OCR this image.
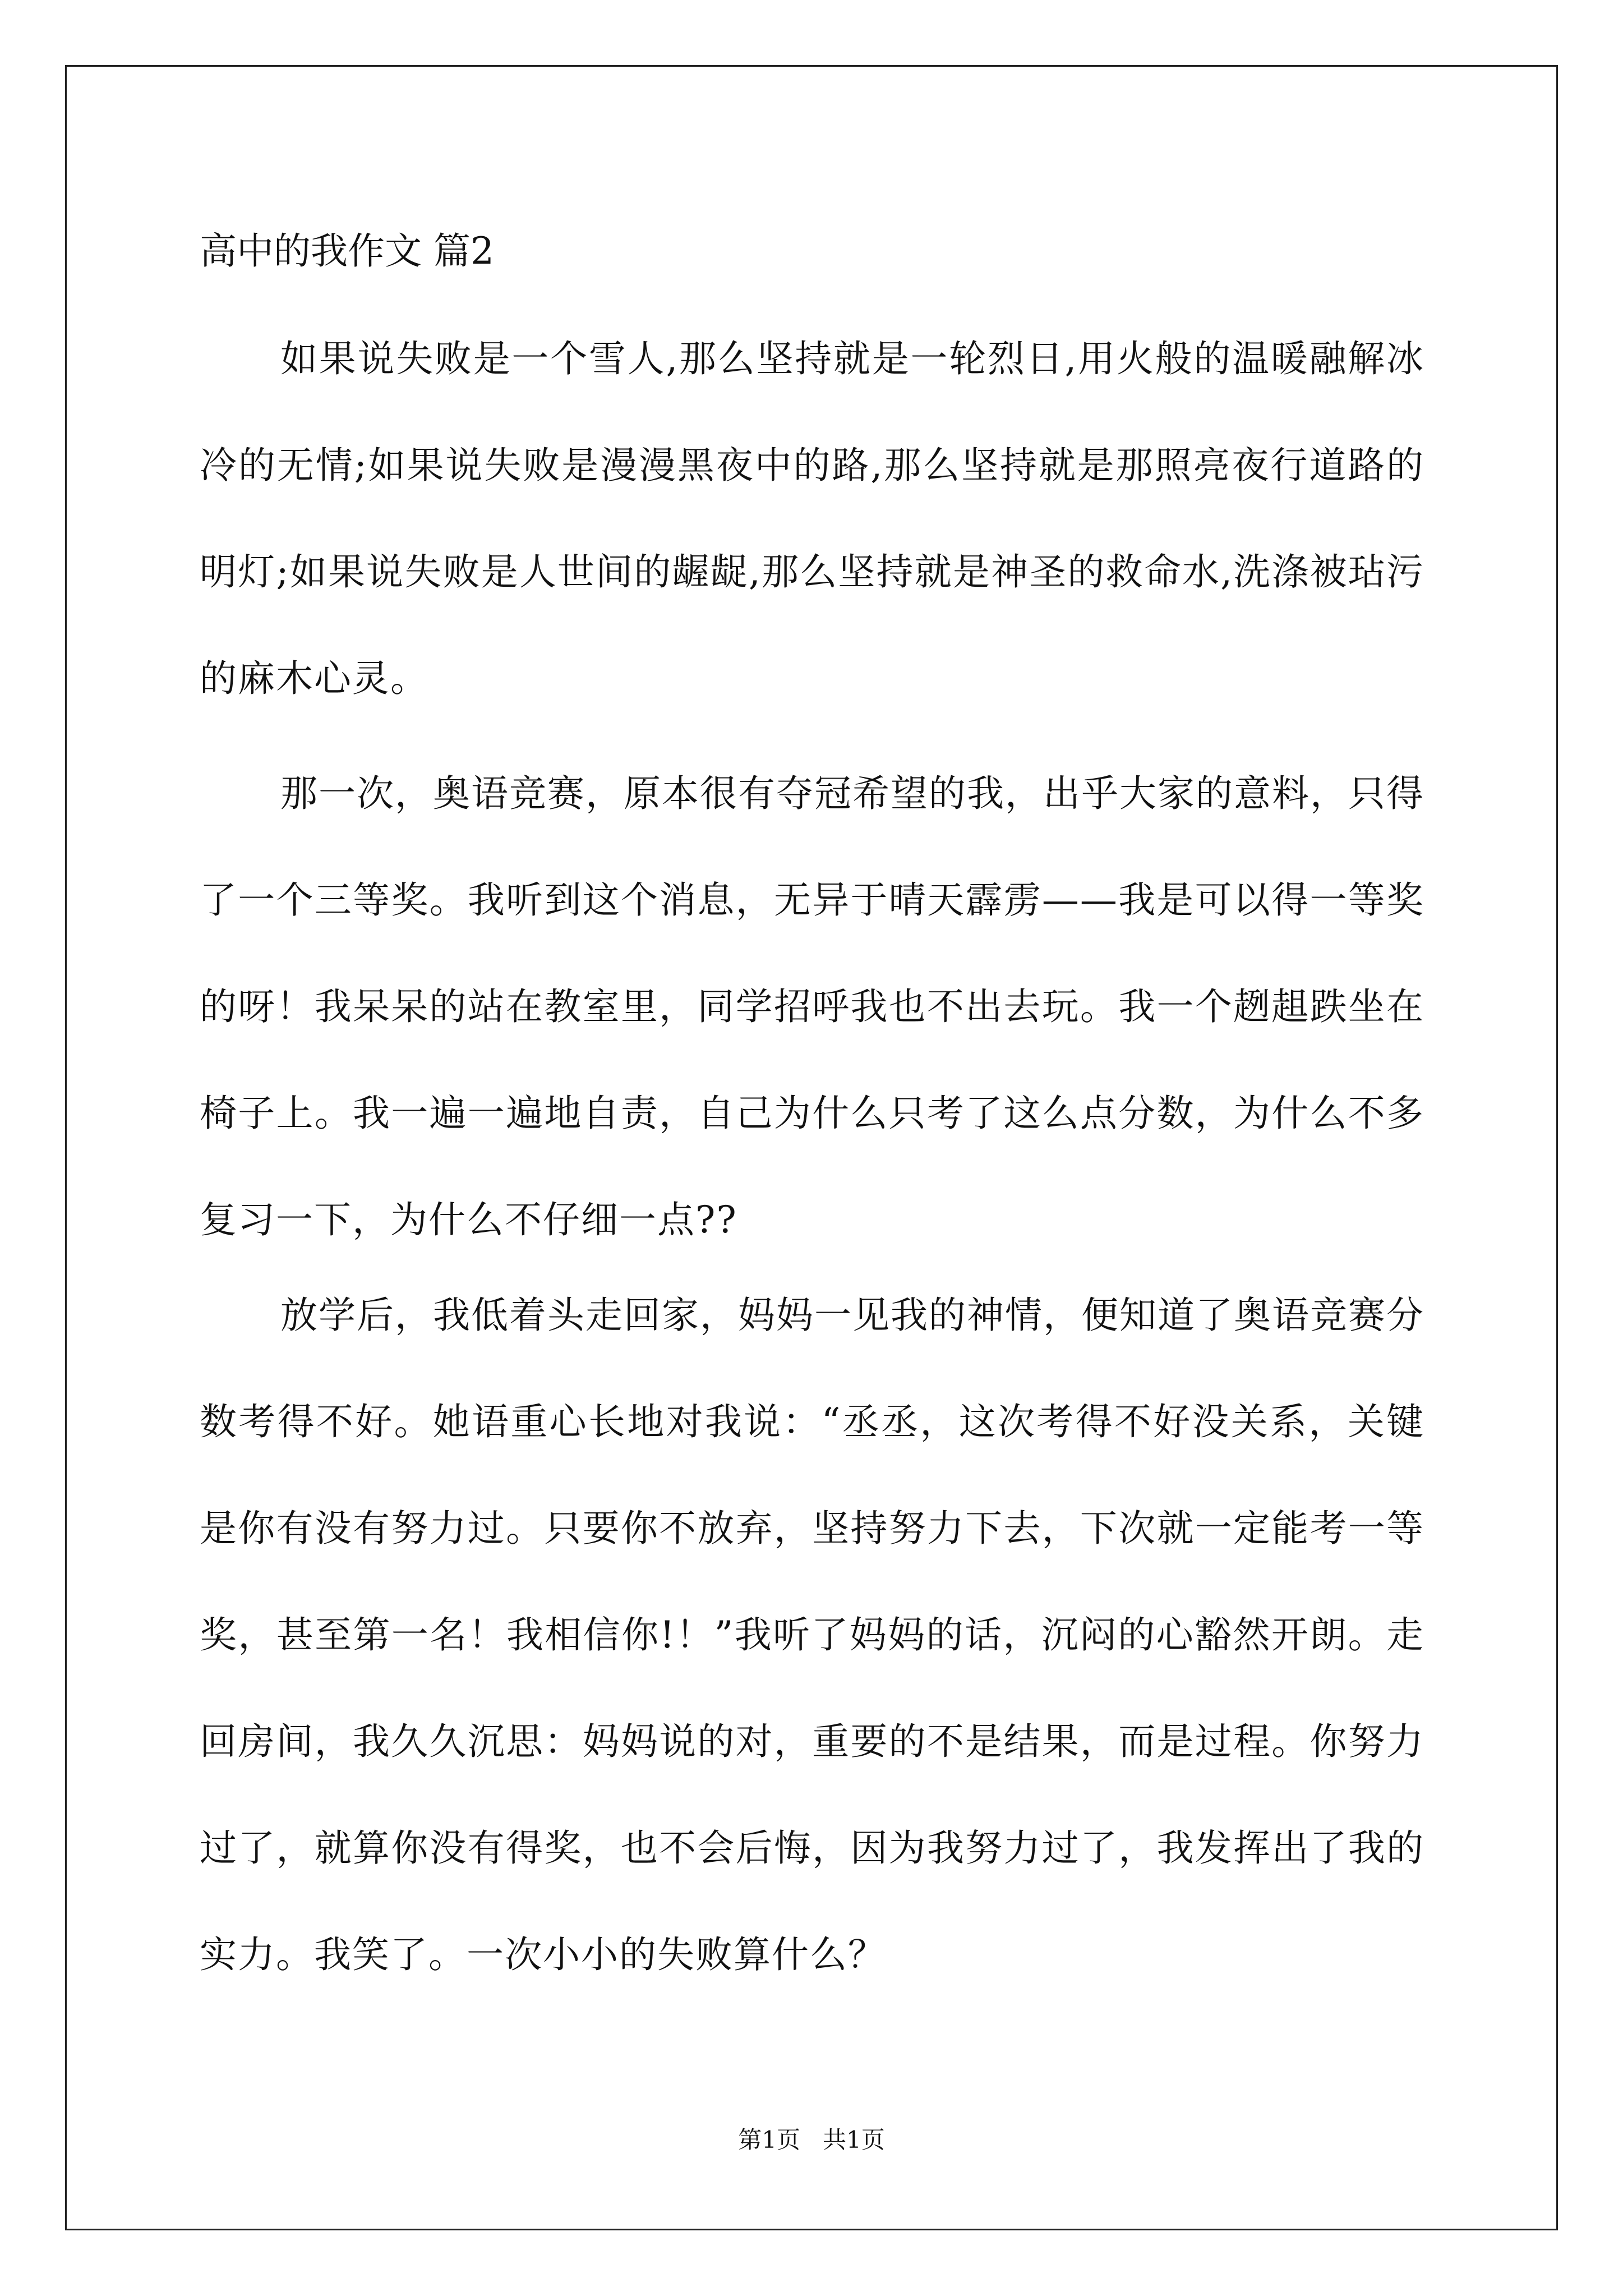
高中的我作文 篇2

如果说失败是一个雪人,那么坚持就是一轮烈日,用火般的温暖融解冰冷的无情;如果说失败是漫漫黑夜中的路,那么坚持就是那照亮夜行道路的明灯;如果说失败是人世间的龌龊,那么坚持就是神圣的救命水,洗涤被玷污的麻木心灵。

那一次，奥语竞赛，原本很有夺冠希望的我，出乎大家的意料，只得了一个三等奖。我听到这个消息，无异于晴天霹雳——我是可以得一等奖的呀！我呆呆的站在教室里，同学招呼我也不出去玩。我一个趔趄跌坐在椅子上。我一遍一遍地自责，自己为什么只考了这么点分数，为什么不多复习一下，为什么不仔细一点??

放学后，我低着头走回家，妈妈一见我的神情，便知道了奥语竞赛分数考得不好。她语重心长地对我说：“丞丞，这次考得不好没关系，关键是你有没有努力过。只要你不放弃，坚持努力下去，下次就一定能考一等奖，甚至第一名！我相信你!！”我听了妈妈的话，沉闷的心豁然开朗。走回房间，我久久沉思：妈妈说的对，重要的不是结果，而是过程。你努力过了，就算你没有得奖，也不会后悔，因为我努力过了，我发挥出了我的实力。我笑了。一次小小的失败算什么？

第1页   共1页
